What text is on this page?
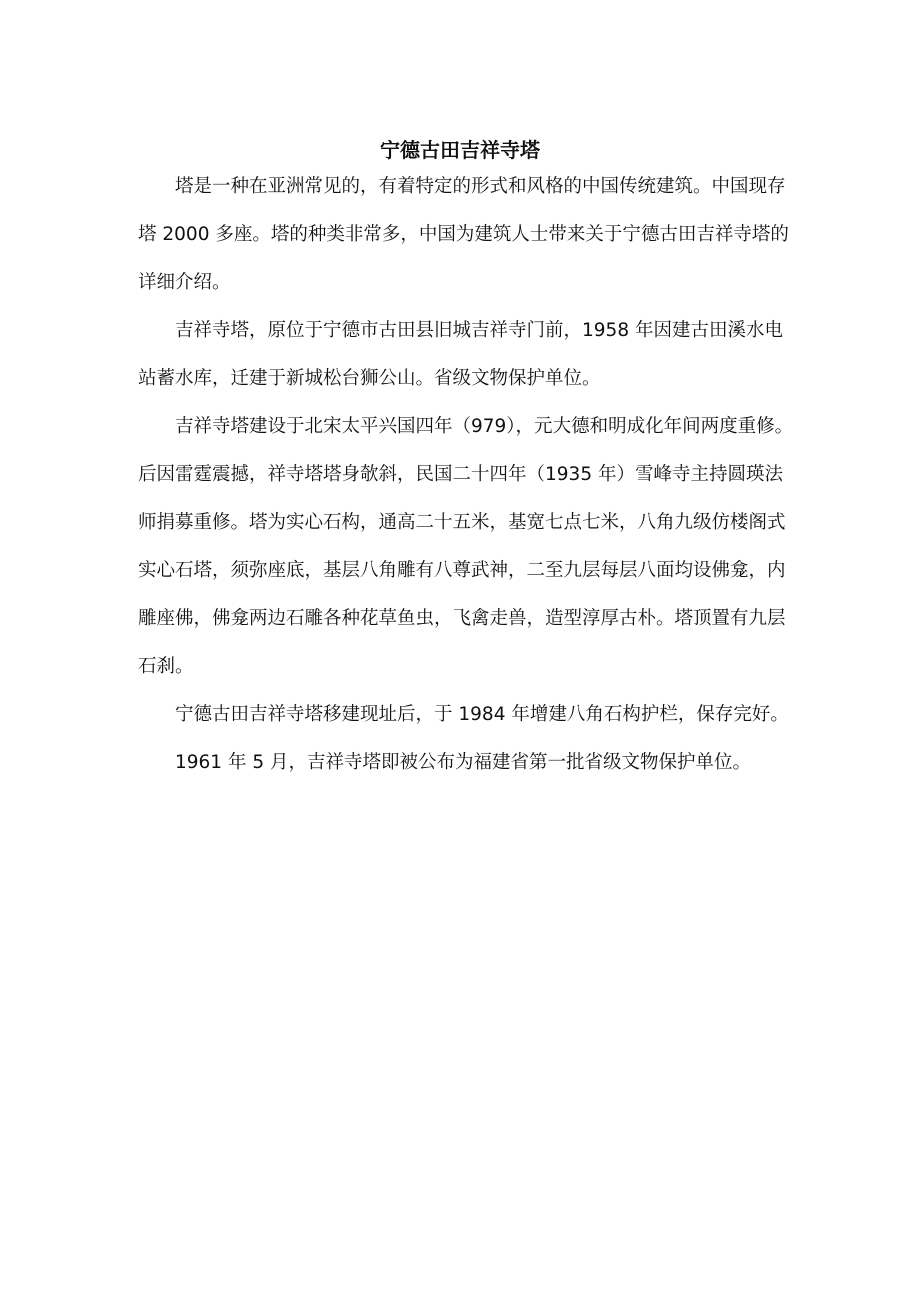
宁德古田吉祥寺塔
塔是一种在亚洲常见的，有着特定的形式和风格的中国传统建筑。中国现存
塔 2000 多座。塔的种类非常多，中国为建筑人士带来关于宁德古田吉祥寺塔的
详细介绍。
吉祥寺塔，原位于宁德市古田县旧城吉祥寺门前，1958 年因建古田溪水电
站蓄水库，迁建于新城松台狮公山。省级文物保护单位。
吉祥寺塔建设于北宋太平兴国四年（979），元大德和明成化年间两度重修。
后因雷霆震撼，祥寺塔塔身欹斜，民国二十四年（1935 年）雪峰寺主持圆瑛法
师捐募重修。塔为实心石构，通高二十五米，基宽七点七米，八角九级仿楼阁式
实心石塔，须弥座底，基层八角雕有八尊武神，二至九层每层八面均设佛龛，内
雕座佛，佛龛两边石雕各种花草鱼虫，飞禽走兽，造型淳厚古朴。塔顶置有九层
石刹。
宁德古田吉祥寺塔移建现址后，于 1984 年增建八角石构护栏，保存完好。
1961 年 5 月，吉祥寺塔即被公布为福建省第一批省级文物保护单位。
